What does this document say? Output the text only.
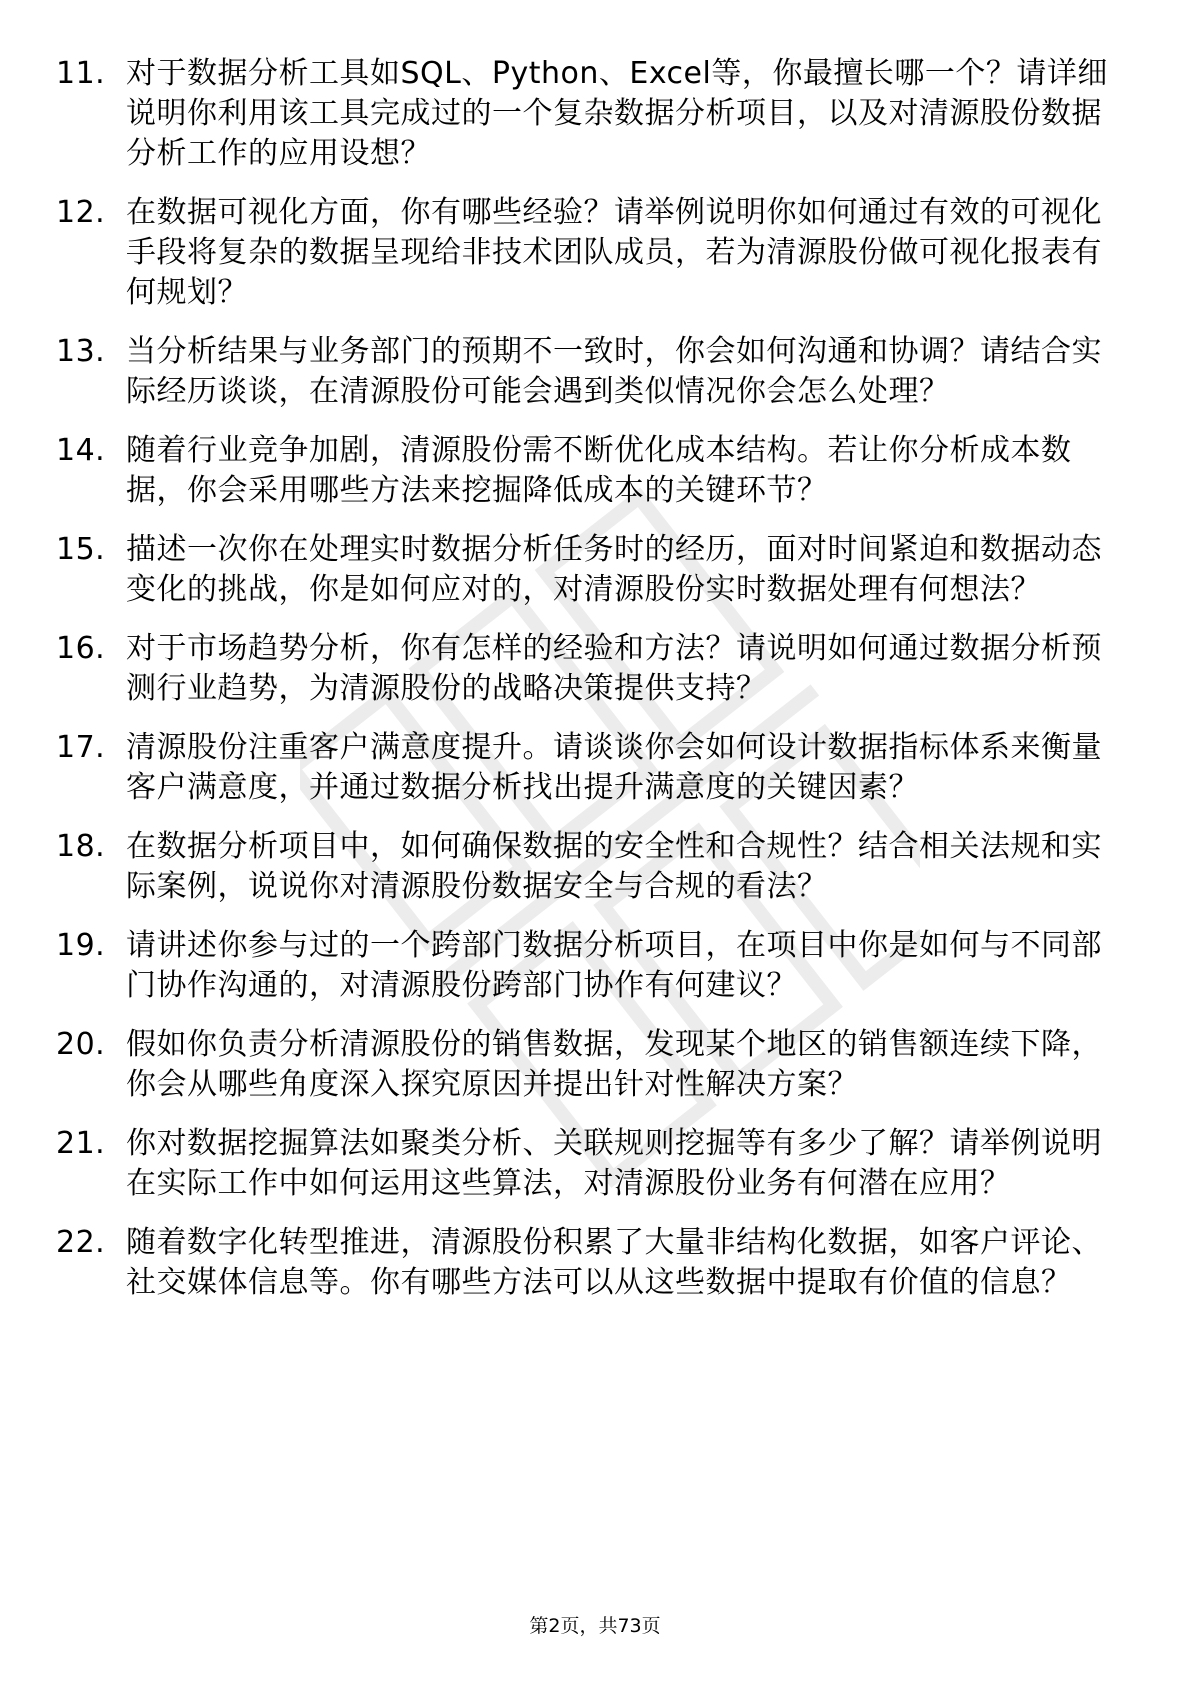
11. 对于数据分析工具如SQL、Python、Excel等，你最擅长哪一个？请详细说明你利用该工具完成过的一个复杂数据分析项目，以及对清源股份数据分析工作的应用设想？
12. 在数据可视化方面，你有哪些经验？请举例说明你如何通过有效的可视化手段将复杂的数据呈现给非技术团队成员，若为清源股份做可视化报表有何规划？
13. 当分析结果与业务部门的预期不一致时，你会如何沟通和协调？请结合实际经历谈谈，在清源股份可能会遇到类似情况你会怎么处理？
14. 随着行业竞争加剧，清源股份需不断优化成本结构。若让你分析成本数据，你会采用哪些方法来挖掘降低成本的关键环节？
15. 描述一次你在处理实时数据分析任务时的经历，面对时间紧迫和数据动态变化的挑战，你是如何应对的，对清源股份实时数据处理有何想法？
16. 对于市场趋势分析，你有怎样的经验和方法？请说明如何通过数据分析预测行业趋势，为清源股份的战略决策提供支持？
17. 清源股份注重客户满意度提升。请谈谈你会如何设计数据指标体系来衡量客户满意度，并通过数据分析找出提升满意度的关键因素？
18. 在数据分析项目中，如何确保数据的安全性和合规性？结合相关法规和实际案例，说说你对清源股份数据安全与合规的看法？
19. 请讲述你参与过的一个跨部门数据分析项目，在项目中你是如何与不同部门协作沟通的，对清源股份跨部门协作有何建议？
20. 假如你负责分析清源股份的销售数据，发现某个地区的销售额连续下降，你会从哪些角度深入探究原因并提出针对性解决方案？
21. 你对数据挖掘算法如聚类分析、关联规则挖掘等有多少了解？请举例说明在实际工作中如何运用这些算法，对清源股份业务有何潜在应用？
22. 随着数字化转型推进，清源股份积累了大量非结构化数据，如客户评论、社交媒体信息等。你有哪些方法可以从这些数据中提取有价值的信息？
第2页，共73页
